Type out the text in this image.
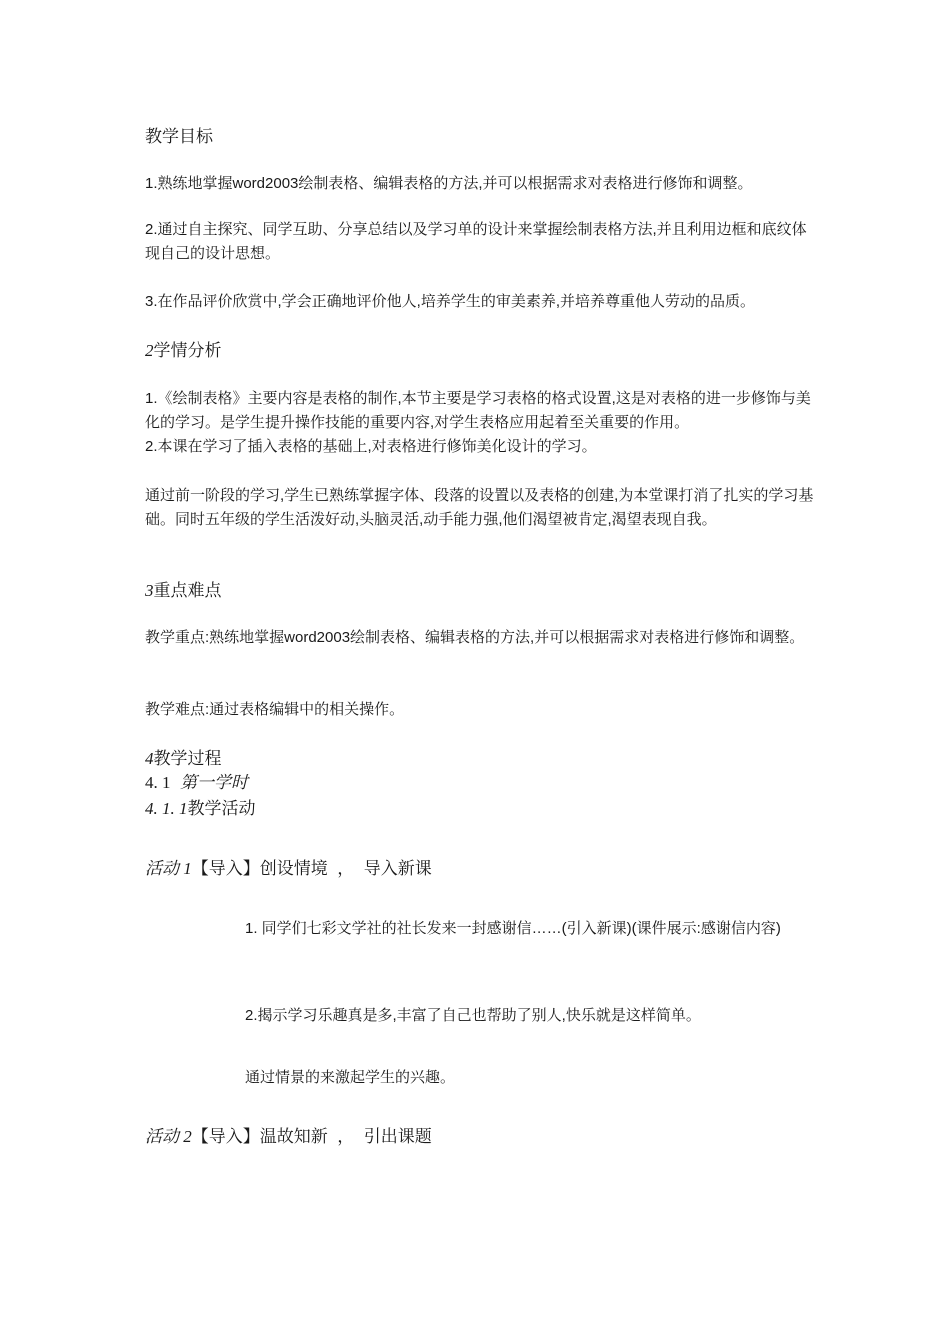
教学目标

1.熟练地掌握word2003绘制表格、编辑表格的方法,并可以根据需求对表格进行修饰和调整。

2.通过自主探究、同学互助、分享总结以及学习单的设计来掌握绘制表格方法,并且利用边框和底纹体现自己的设计思想。

3.在作品评价欣赏中,学会正确地评价他人,培养学生的审美素养,并培养尊重他人劳动的品质。

2学情分析

1.《绘制表格》主要内容是表格的制作,本节主要是学习表格的格式设置,这是对表格的进一步修饰与美化的学习。是学生提升操作技能的重要内容,对学生表格应用起着至关重要的作用。

2.本课在学习了插入表格的基础上,对表格进行修饰美化设计的学习。

通过前一阶段的学习,学生已熟练掌握字体、段落的设置以及表格的创建,为本堂课打消了扎实的学习基础。同时五年级的学生活泼好动,头脑灵活,动手能力强,他们渴望被肯定,渴望表现自我。

3重点难点

教学重点:熟练地掌握word2003绘制表格、编辑表格的方法,并可以根据需求对表格进行修饰和调整。

教学难点:通过表格编辑中的相关操作。

4教学过程
4. 1 第一学时
4. 1. 1教学活动
活动 1【导入】创设情境 ， 导入新课

1. 同学们七彩文学社的社长发来一封感谢信……(引入新课)(课件展示:感谢信内容)

2.揭示学习乐趣真是多,丰富了自己也帮助了别人,快乐就是这样简单。

通过情景的来激起学生的兴趣。

活动 2【导入】温故知新 ， 引出课题
